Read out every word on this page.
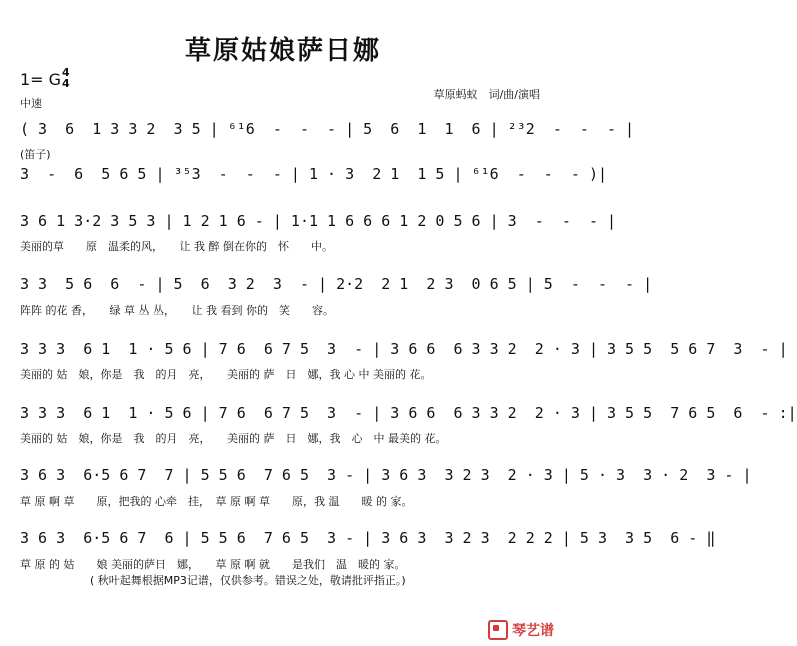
草原姑娘萨日娜
1= G 4
4
中速
草原蚂蚁　词/曲/演唱
( 3  6  1 3 3 2  3 5 | ⁶¹6  -  -  - | 5  6  1  1  6 | ²³2  -  -  - |
(笛子)
3  -  6  5 6 5 | ³⁵3  -  -  - | 1 · 3  2 1  1 5 | ⁶¹6  -  -  - )|
3 6 1 3·2 3 5 3 | 1 2 1 6 - | 1·1 1 6 6 6 1 2 0 5 6 | 3  -  -  - |
美丽的草　　原　温柔的风，　　让 我 醉 倒在你的　怀　　中。
3 3  5 6  6  - | 5  6  3 2  3  - | 2·2  2 1  2 3  0 6 5 | 5  -  -  - |
阵阵 的花 香，　　绿 草 丛 丛，　　让 我 看到 你的　笑　　容。
3 3 3  6 1  1 · 5 6 | 7 6  6 7 5  3  - | 3 6 6  6 3 3 2  2 · 3 | 3 5 5  5 6 7  3  - |
美丽的 姑　娘，你是　我　的月　亮，　　美丽的 萨　日　娜，我 心 中 美丽的 花。
3 3 3  6 1  1 · 5 6 | 7 6  6 7 5  3  - | 3 6 6  6 3 3 2  2 · 3 | 3 5 5  7 6 5  6  - :|
美丽的 姑　娘，你是　我　的月　亮，　　美丽的 萨　日　娜，我　心　中 最美的 花。
3 6 3  6·5 6 7  7 | 5 5 6  7 6 5  3 - | 3 6 3  3 2 3  2 · 3 | 5 · 3  3 · 2  3 - |
草 原 啊 草　　原，把我的 心牵　挂，　草 原 啊 草　　原，我 温　　暖 的 家。
3 6 3  6·5 6 7  6 | 5 5 6  7 6 5  3 - | 3 6 3  3 2 3  2 2 2 | 5 3  3 5  6 - ‖
草 原 的 姑　　娘 美丽的萨日　娜，　　草 原 啊 就　　是我们　温　暖的 家。
( 秋叶起舞根据MP3记谱，仅供参考。错误之处，敬请批评指正。)
琴艺谱
